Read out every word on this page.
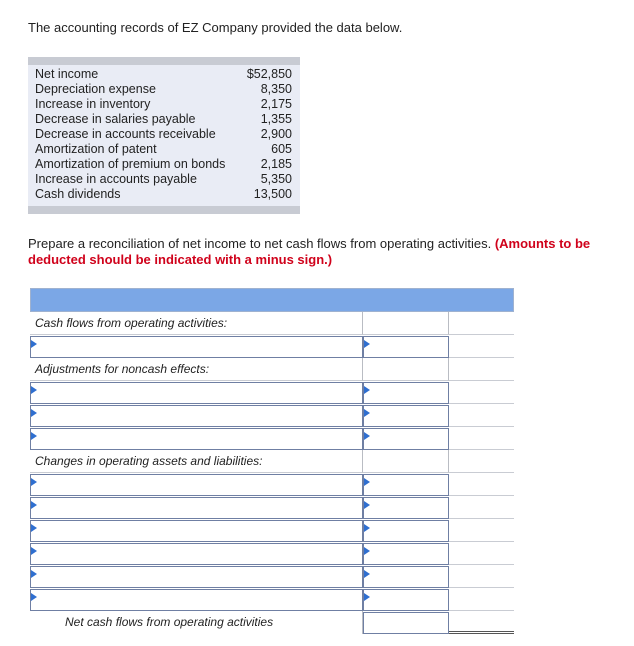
The accounting records of EZ Company provided the data below.
Net income	$52,850
Depreciation expense	8,350
Increase in inventory	2,175
Decrease in salaries payable	1,355
Decrease in accounts receivable	2,900
Amortization of patent	605
Amortization of premium on bonds	2,185
Increase in accounts payable	5,350
Cash dividends	13,500
Prepare a reconciliation of net income to net cash flows from operating activities. (Amounts to be deducted should be indicated with a minus sign.)
Cash flows from operating activities:
Adjustments for noncash effects:
Changes in operating assets and liabilities:
Net cash flows from operating activities
